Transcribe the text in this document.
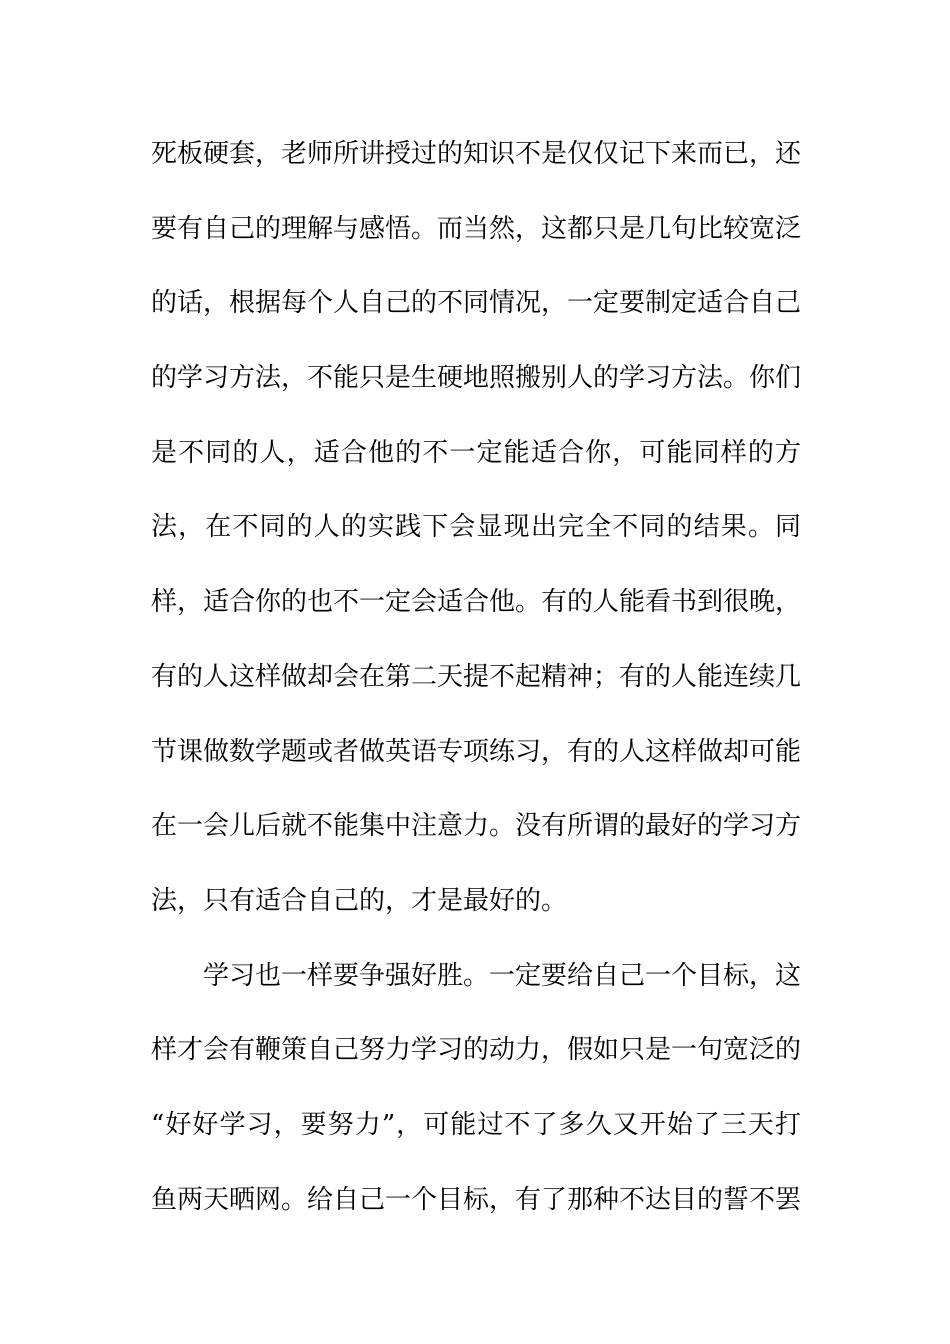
死板硬套，老师所讲授过的知识不是仅仅记下来而已，还
要有自己的理解与感悟。而当然，这都只是几句比较宽泛
的话，根据每个人自己的不同情况，一定要制定适合自己
的学习方法，不能只是生硬地照搬别人的学习方法。你们
是不同的人，适合他的不一定能适合你，可能同样的方
法，在不同的人的实践下会显现出完全不同的结果。同
样，适合你的也不一定会适合他。有的人能看书到很晚，
有的人这样做却会在第二天提不起精神；有的人能连续几
节课做数学题或者做英语专项练习，有的人这样做却可能
在一会儿后就不能集中注意力。没有所谓的最好的学习方
法，只有适合自己的，才是最好的。
学习也一样要争强好胜。一定要给自己一个目标，这
样才会有鞭策自己努力学习的动力，假如只是一句宽泛的
“好好学习，要努力”，可能过不了多久又开始了三天打
鱼两天晒网。给自己一个目标，有了那种不达目的誓不罢
